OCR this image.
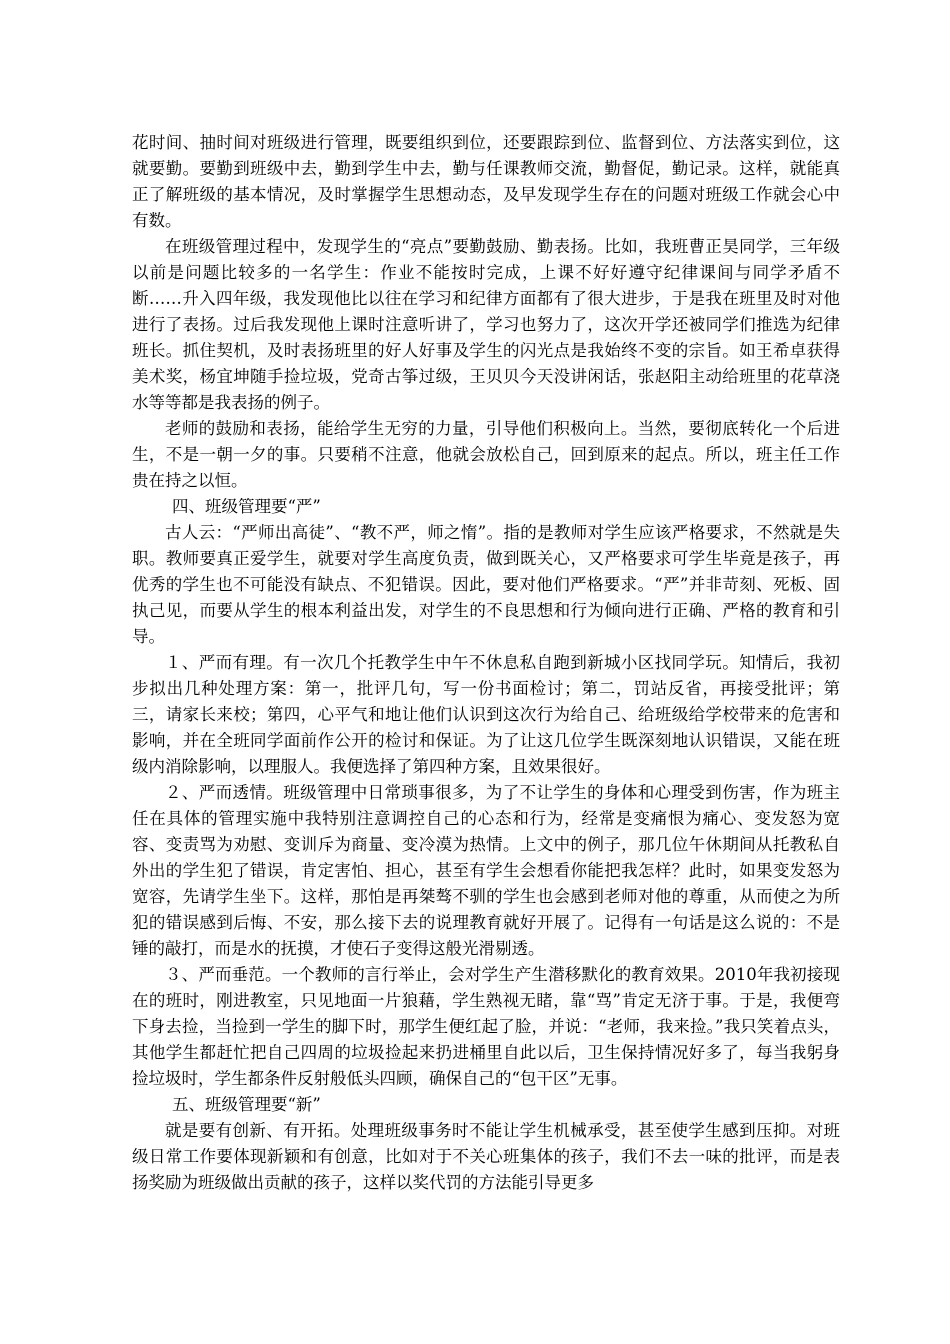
花时间、抽时间对班级进行管理，既要组织到位，还要跟踪到位、监督到位、方法落实到位，这就要勤。要勤到班级中去，勤到学生中去，勤与任课教师交流，勤督促，勤记录。这样，就能真正了解班级的基本情况，及时掌握学生思想动态，及早发现学生存在的问题对班级工作就会心中有数。

在班级管理过程中，发现学生的“亮点”要勤鼓励、勤表扬。比如，我班曹正昊同学，三年级以前是问题比较多的一名学生：作业不能按时完成，上课不好好遵守纪律课间与同学矛盾不断……升入四年级，我发现他比以往在学习和纪律方面都有了很大进步，于是我在班里及时对他进行了表扬。过后我发现他上课时注意听讲了，学习也努力了，这次开学还被同学们推选为纪律班长。抓住契机，及时表扬班里的好人好事及学生的闪光点是我始终不变的宗旨。如王希卓获得美术奖，杨宜坤随手捡垃圾，党奇古筝过级，王贝贝今天没讲闲话，张赵阳主动给班里的花草浇水等等都是我表扬的例子。

老师的鼓励和表扬，能给学生无穷的力量，引导他们积极向上。当然，要彻底转化一个后进生，不是一朝一夕的事。只要稍不注意，他就会放松自己，回到原来的起点。所以，班主任工作贵在持之以恒。

四、班级管理要“严”

古人云：“严师出高徒”、“教不严，师之惰”。指的是教师对学生应该严格要求，不然就是失职。教师要真正爱学生，就要对学生高度负责，做到既关心，又严格要求可学生毕竟是孩子，再优秀的学生也不可能没有缺点、不犯错误。因此，要对他们严格要求。“严”并非苛刻、死板、固执己见，而要从学生的根本利益出发，对学生的不良思想和行为倾向进行正确、严格的教育和引导。

１、严而有理。有一次几个托教学生中午不休息私自跑到新城小区找同学玩。知情后，我初步拟出几种处理方案：第一，批评几句，写一份书面检讨；第二，罚站反省，再接受批评；第三，请家长来校；第四，心平气和地让他们认识到这次行为给自己、给班级给学校带来的危害和影响，并在全班同学面前作公开的检讨和保证。为了让这几位学生既深刻地认识错误，又能在班级内消除影响，以理服人。我便选择了第四种方案，且效果很好。

２、严而透情。班级管理中日常琐事很多，为了不让学生的身体和心理受到伤害，作为班主任在具体的管理实施中我特别注意调控自己的心态和行为，经常是变痛恨为痛心、变发怒为宽容、变责骂为劝慰、变训斥为商量、变冷漠为热情。上文中的例子，那几位午休期间从托教私自外出的学生犯了错误，肯定害怕、担心，甚至有学生会想看你能把我怎样？此时，如果变发怒为宽容，先请学生坐下。这样，那怕是再桀骜不驯的学生也会感到老师对他的尊重，从而使之为所犯的错误感到后悔、不安，那么接下去的说理教育就好开展了。记得有一句话是这么说的：不是锤的敲打，而是水的抚摸，才使石子变得这般光滑剔透。

３、严而垂范。一个教师的言行举止，会对学生产生潜移默化的教育效果。2010年我初接现在的班时，刚进教室，只见地面一片狼藉，学生熟视无睹，靠“骂”肯定无济于事。于是，我便弯下身去捡，当捡到一学生的脚下时，那学生便红起了脸，并说：“老师，我来捡。”我只笑着点头，其他学生都赶忙把自己四周的垃圾捡起来扔进桶里自此以后，卫生保持情况好多了，每当我躬身捡垃圾时，学生都条件反射般低头四顾，确保自己的“包干区”无事。

五、班级管理要“新”

就是要有创新、有开拓。处理班级事务时不能让学生机械承受，甚至使学生感到压抑。对班级日常工作要体现新颖和有创意，比如对于不关心班集体的孩子，我们不去一味的批评，而是表扬奖励为班级做出贡献的孩子，这样以奖代罚的方法能引导更多
